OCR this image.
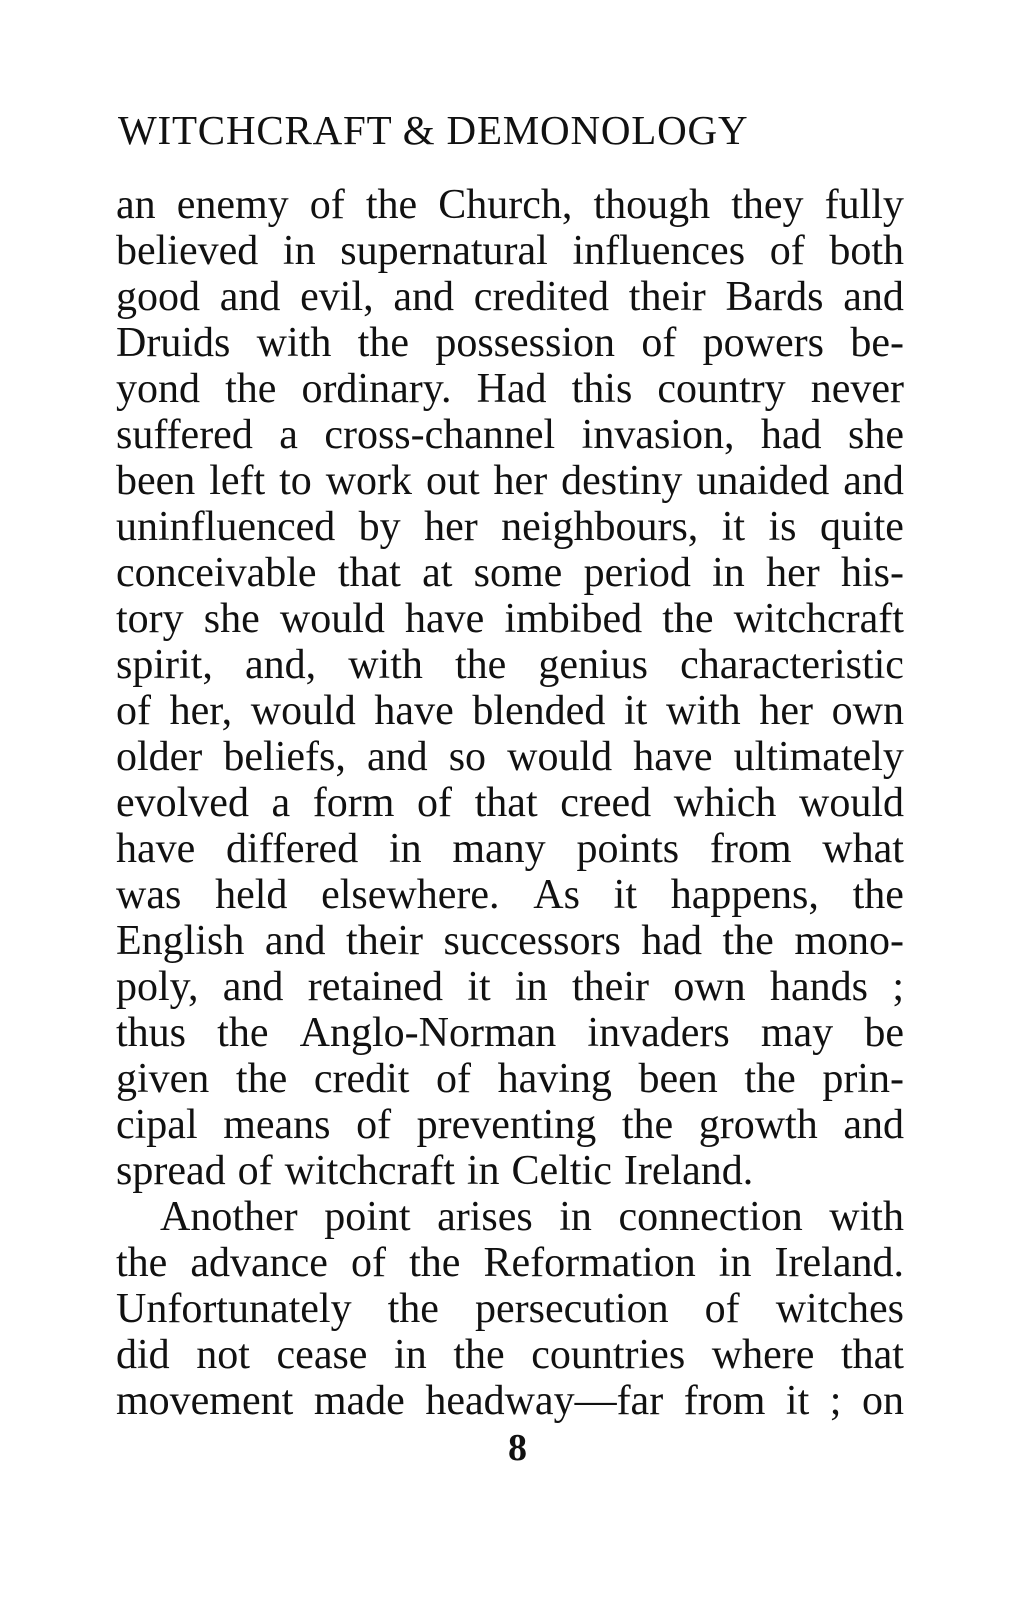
WITCHCRAFT & DEMONOLOGY
an enemy of the Church, though they fully
believed in supernatural influences of both
good and evil, and credited their Bards and
Druids with the possession of powers be-
yond the ordinary. Had this country never
suffered a cross-channel invasion, had she
been left to work out her destiny unaided and
uninfluenced by her neighbours, it is quite
conceivable that at some period in her his-
tory she would have imbibed the witchcraft
spirit, and, with the genius characteristic
of her, would have blended it with her own
older beliefs, and so would have ultimately
evolved a form of that creed which would
have differed in many points from what
was held elsewhere. As it happens, the
English and their successors had the mono-
poly, and retained it in their own hands ;
thus the Anglo-Norman invaders may be
given the credit of having been the prin-
cipal means of preventing the growth and
spread of witchcraft in Celtic Ireland.
Another point arises in connection with
the advance of the Reformation in Ireland.
Unfortunately the persecution of witches
did not cease in the countries where that
movement made headway—far from it ; on
8
